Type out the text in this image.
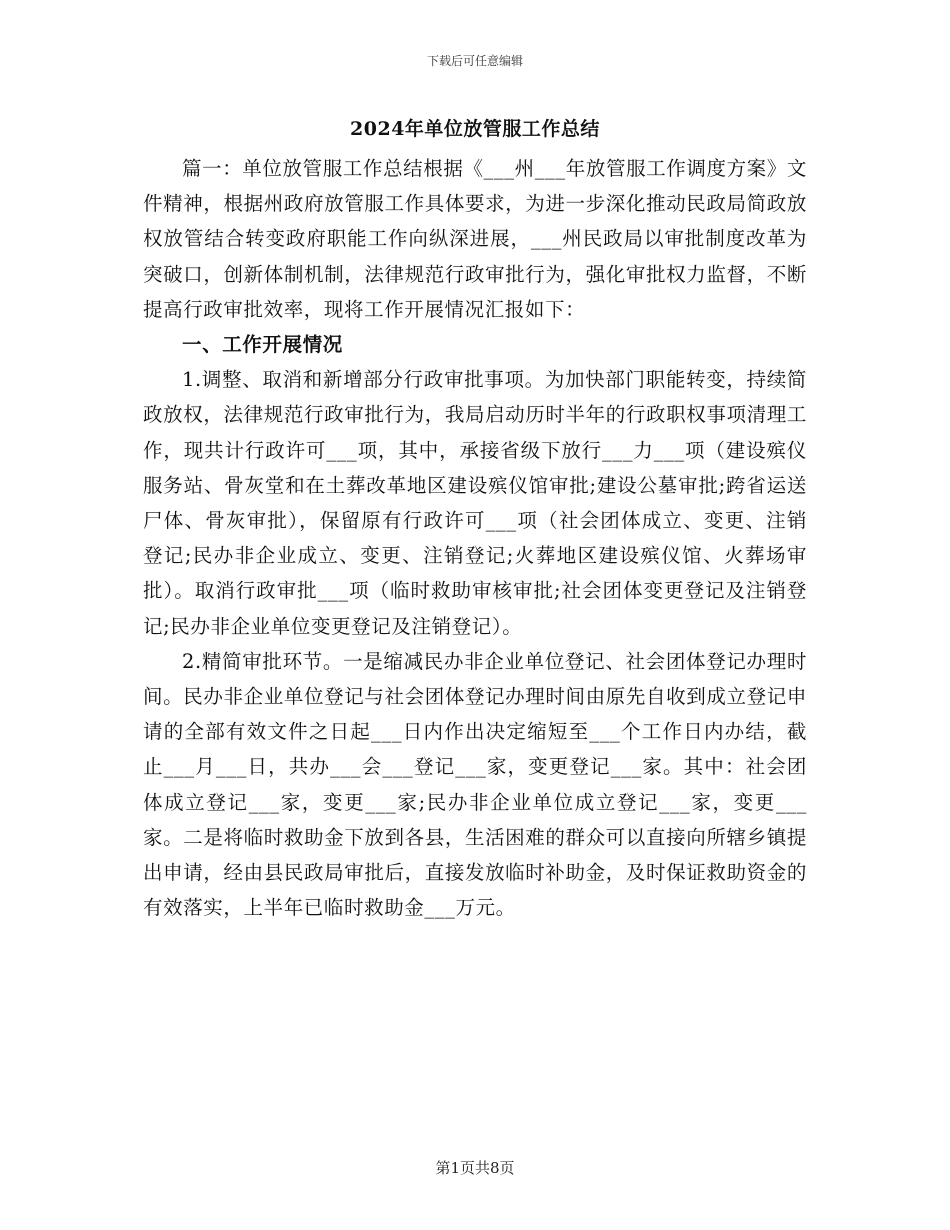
下载后可任意编辑
2024年单位放管服工作总结

篇一：单位放管服工作总结根据《___州___年放管服工作调度方案》文件精神，根据州政府放管服工作具体要求，为进一步深化推动民政局简政放权放管结合转变政府职能工作向纵深进展，___州民政局以审批制度改革为突破口，创新体制机制，法律规范行政审批行为，强化审批权力监督，不断提高行政审批效率，现将工作开展情况汇报如下：

一、工作开展情况

1.调整、取消和新增部分行政审批事项。为加快部门职能转变，持续简政放权，法律规范行政审批行为，我局启动历时半年的行政职权事项清理工作，现共计行政许可___项，其中，承接省级下放行___力___项（建设殡仪服务站、骨灰堂和在土葬改革地区建设殡仪馆审批;建设公墓审批;跨省运送尸体、骨灰审批），保留原有行政许可___项（社会团体成立、变更、注销登记;民办非企业成立、变更、注销登记;火葬地区建设殡仪馆、火葬场审批）。取消行政审批___项（临时救助审核审批;社会团体变更登记及注销登记;民办非企业单位变更登记及注销登记）。

2.精简审批环节。一是缩减民办非企业单位登记、社会团体登记办理时间。民办非企业单位登记与社会团体登记办理时间由原先自收到成立登记申请的全部有效文件之日起___日内作出决定缩短至___个工作日内办结，截止___月___日，共办___会___登记___家，变更登记___家。其中：社会团体成立登记___家，变更___家;民办非企业单位成立登记___家，变更___家。二是将临时救助金下放到各县，生活困难的群众可以直接向所辖乡镇提出申请，经由县民政局审批后，直接发放临时补助金，及时保证救助资金的有效落实，上半年已临时救助金___万元。

第1页共8页
